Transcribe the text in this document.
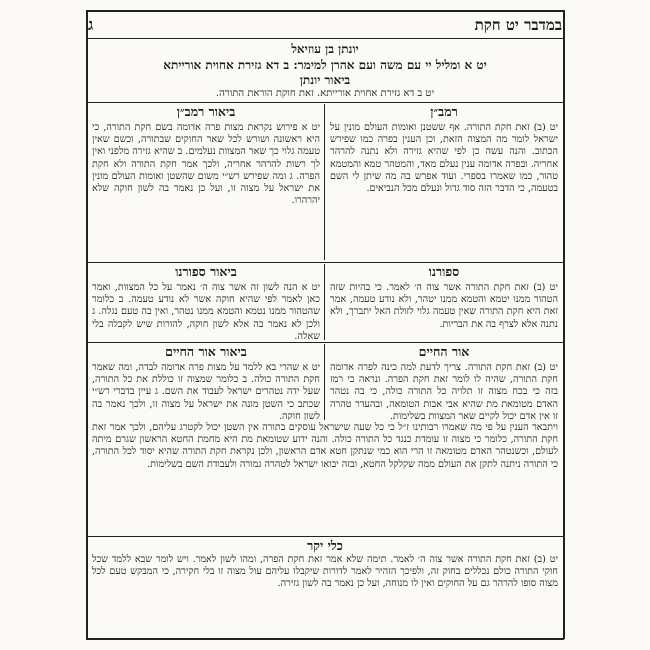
במדבר יט חקת
ג
יונתן בן עוזיאל
יט א ומליל יי עם משה ועם אהרן למימר: ב דא גזירת אחוית אורייתא
ביאור יונתן
יט ב דא גזירת אחוית אורייתא. זאת חוקת הוראת התורה.
רמב״ן

יט (ב) זאת חקת התורה. אף ששטנן ואומות העולם מונין על ישראל לומר מה המצוה הזאת, וכן הענין בפרה כמו שפירש הכתוב. והנה עשה כן לפי שהיא גזירה ולא נתנה להרהר אחריה. ובפרה אדומה ענין נעלם מאד, והמטהר טמא והמטמא טהור, כמו שאמרו בספרי. ועוד אפרש בה מה שיתן לי השם בטעמה, כי הדבר הזה סוד גדול ונעלם מכל הנביאים.

ביאור רמב״ן

יט א פירוש נקראת מצות פרה אדומה בשם חקת התורה, כי היא ראשונה ושורש לכל שאר החוקים שבתורה, וכשם שאין טעמה גלוי כך שאר המצוות נעלמים. ב שהיא גזירה מלפני ואין לך רשות להרהר אחריה, ולכך אמר חקת התורה ולא חקת הפרה. ג ומה שפירש רש״י משום שהשטן ואומות העולם מונין את ישראל על מצוה זו, ועל כן נאמר בה לשון חוקה שלא יהרהרו.

ספורנו

יט (ב) זאת חקת התורה אשר צוה ה׳ לאמר. כי בהיות שזה הטהור ממנו יטמא והטמא ממנו יטהר, ולא נודע טעמה, אמר זאת היא חקת התורה שאין טעמה גלוי לזולת האל יתברך, ולא נתנה אלא לצרף בה את הבריות.

ביאור ספורנו

יט א הנה לשון זה אשר צוה ה׳ נאמר על כל המצוות, ואמר כאן לאמר לפי שהיא חוקה אשר לא נודע טעמה. ב כלומר שהטהור ממנו נטמא והטמא ממנו נטהר, ואין בה טעם נגלה. ג ולכן לא נאמר בה אלא לשון חוקה, להורות שיש לקבלה בלי שאלה.

אור החיים

יט (ב) זאת חקת התורה. צריך לדעת למה כינה לפרה אדומה חקת התורה, שהיה לו לומר זאת חקת הפרה. ונראה כי רמז בזה כי בכח מצוה זו תלויה כל התורה כולה, כי בה נטהר האדם מטומאת מת שהיא אבי אבות הטומאה, ובהעדר טהרה זו אין אדם יכול לקיים שאר המצוות בשלימות.

ביאור אור החיים

יט א שהרי בא ללמד על מצות פרה אדומה לבדה, ומה שאמר חקת התורה כולה. ב כלומר שמצוה זו כוללת את כל התורה, שעל ידה נטהרים ישראל לעבוד את השם. ג עיין בדברי רש״י שכתב כי השטן מונה את ישראל על מצוה זו, ולכך נאמר בה לשון חוקה.

ויתבאר הענין על פי מה שאמרו רבותינו ז״ל כי כל שעה שישראל עוסקים בתורה אין השטן יכול לקטרג עליהם, ולכך אמר זאת חקת התורה, כלומר כי מצוה זו עומדת כנגד כל התורה כולה. והנה ידוע שטומאת מת היא מחמת החטא הראשון שגרם מיתה לעולם, וכשנטהר האדם מטומאה זו הרי הוא כמי שנתקן חטא אדם הראשון, ולכן נקראת חקת התורה שהיא יסוד לכל התורה, כי התורה ניתנה לתקן את העולם ממה שקלקל החטא, ובזה יבואו ישראל לטהרה גמורה ולעבודת השם בשלימות.

כלי יקר

יט (ב) זאת חקת התורה אשר צוה ה׳ לאמר. תימה שלא אמר זאת חקת הפרה, ומהו לשון לאמר. ויש לומר שבא ללמד שכל חוקי התורה כולם נכללים בחוק זה, ולפיכך הזהיר לאמר לדורות שיקבלו עליהם עול מצוה זו בלי חקירה, כי המבקש טעם לכל מצוה סופו להרהר גם על החוקים ואין לו מנוחה, ועל כן נאמר בה לשון גזירה.
